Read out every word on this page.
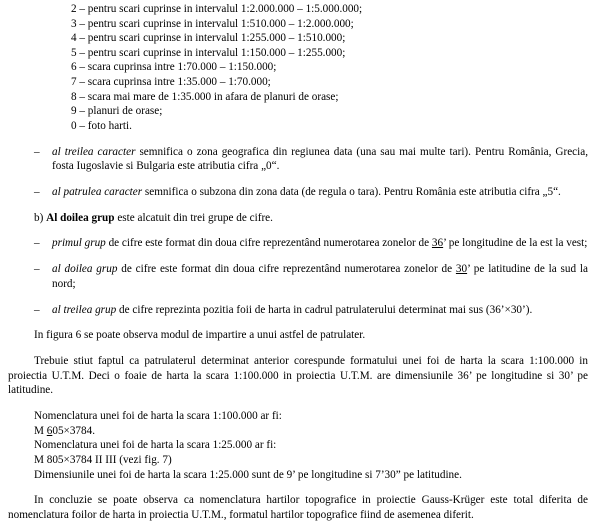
2 – pentru scari cuprinse in intervalul 1:2.000.000 – 1:5.000.000;

3 – pentru scari cuprinse in intervalul 1:510.000 – 1:2.000.000;

4 – pentru scari cuprinse in intervalul 1:255.000 – 1:510.000;

5 – pentru scari cuprinse in intervalul 1:150.000 – 1:255.000;

6 – scara cuprinsa intre 1:70.000 – 1:150.000;

7 – scara cuprinsa intre 1:35.000 – 1:70.000;

8 – scara mai mare de 1:35.000 in afara de planuri de orase;

9 – planuri de orase;

0 – foto harti.

– al treilea caracter semnifica o zona geografica din regiunea data (una sau mai multe tari). Pentru România, Grecia, fosta Iugoslavie si Bulgaria este atributia cifra „0“.

– al patrulea caracter semnifica o subzona din zona data (de regula o tara). Pentru România este atributia cifra „5“.

b) Al doilea grup este alcatuit din trei grupe de cifre.

– primul grup de cifre este format din doua cifre reprezentând numerotarea zonelor de 36’ pe longitudine de la est la vest;

– al doilea grup de cifre este format din doua cifre reprezentând numerotarea zonelor de 30’ pe latitudine de la sud la nord;

– al treilea grup de cifre reprezinta pozitia foii de harta in cadrul patrulaterului determinat mai sus (36’×30’).

In figura 6 se poate observa modul de impartire a unui astfel de patrulater.

Trebuie stiut faptul ca patrulaterul determinat anterior corespunde formatului unei foi de harta la scara 1:100.000 in proiectia U.T.M. Deci o foaie de harta la scara 1:100.000 in proiectia U.T.M. are dimensiunile 36’ pe longitudine si 30’ pe latitudine.

Nomenclatura unei foi de harta la scara 1:100.000 ar fi:

M 605×3784.

Nomenclatura unei foi de harta la scara 1:25.000 ar fi:

M 805×3784 II III (vezi fig. 7)

Dimensiunile unei foi de harta la scara 1:25.000 sunt de 9’ pe longitudine si 7’30” pe latitudine.

In concluzie se poate observa ca nomenclatura hartilor topografice in proiectie Gauss-Krüger este total diferita de nomenclatura foilor de harta in proiectia U.T.M., formatul hartilor topografice fiind de asemenea diferit.
